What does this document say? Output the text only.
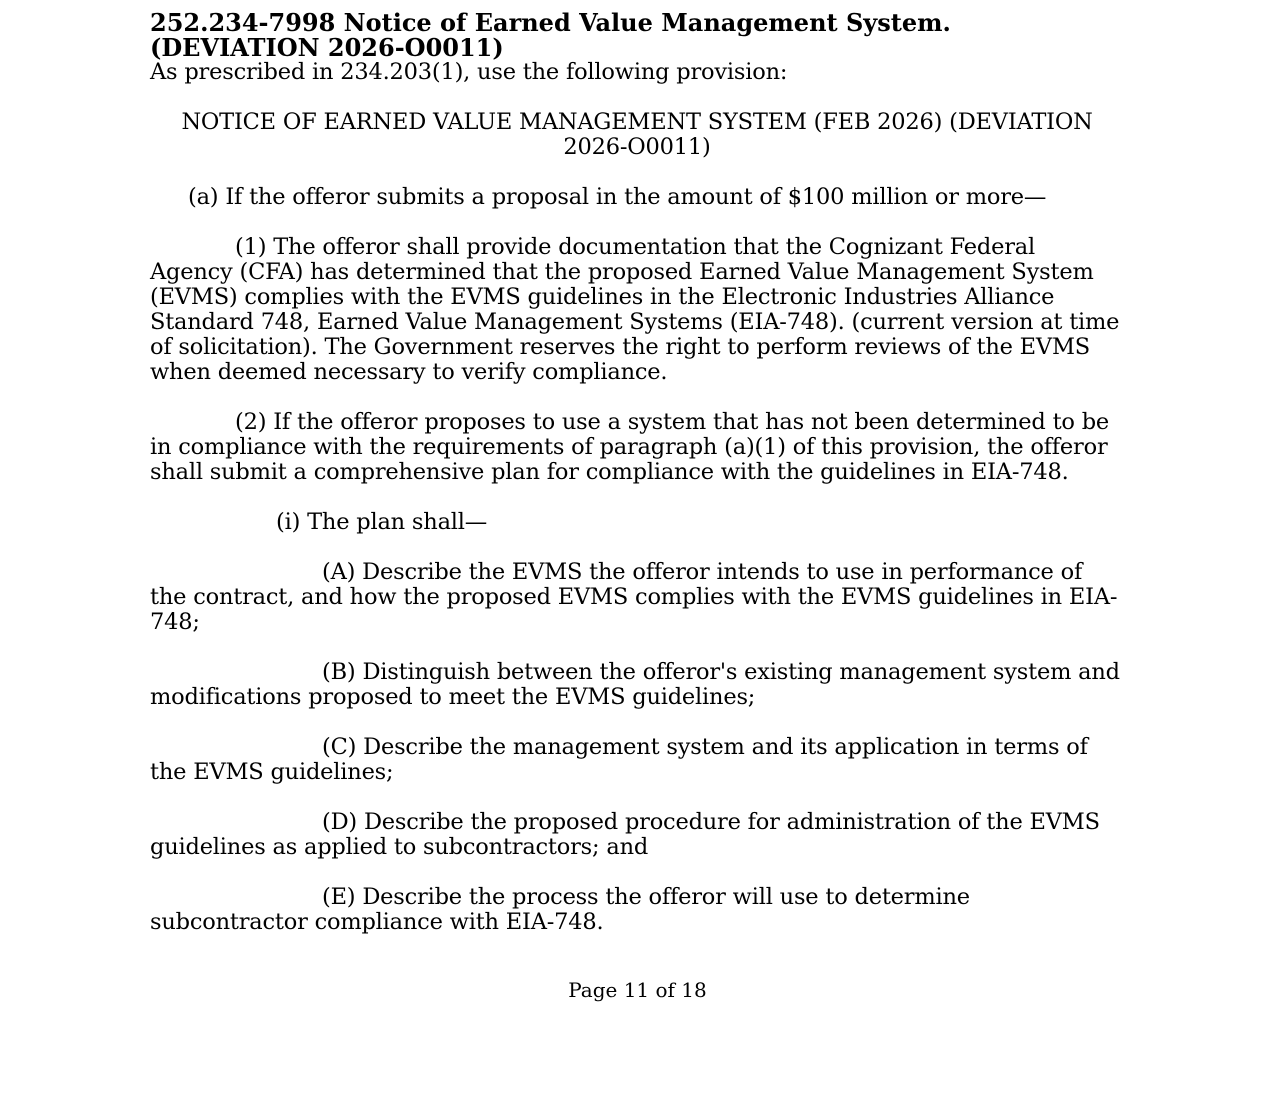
252.234-7998 Notice of Earned Value Management System. (DEVIATION 2026-O0011)

As prescribed in 234.203(1), use the following provision:

NOTICE OF EARNED VALUE MANAGEMENT SYSTEM (FEB 2026) (DEVIATION 2026-O0011)

(a) If the offeror submits a proposal in the amount of $100 million or more—

(1) The offeror shall provide documentation that the Cognizant Federal Agency (CFA) has determined that the proposed Earned Value Management System (EVMS) complies with the EVMS guidelines in the Electronic Industries Alliance Standard 748, Earned Value Management Systems (EIA-748). (current version at time of solicitation). The Government reserves the right to perform reviews of the EVMS when deemed necessary to verify compliance.

(2) If the offeror proposes to use a system that has not been determined to be in compliance with the requirements of paragraph (a)(1) of this provision, the offeror shall submit a comprehensive plan for compliance with the guidelines in EIA-748.

(i) The plan shall—

(A) Describe the EVMS the offeror intends to use in performance of the contract, and how the proposed EVMS complies with the EVMS guidelines in EIA-748;

(B) Distinguish between the offeror's existing management system and modifications proposed to meet the EVMS guidelines;

(C) Describe the management system and its application in terms of the EVMS guidelines;

(D) Describe the proposed procedure for administration of the EVMS guidelines as applied to subcontractors; and

(E) Describe the process the offeror will use to determine subcontractor compliance with EIA-748.

Page 11 of 18
